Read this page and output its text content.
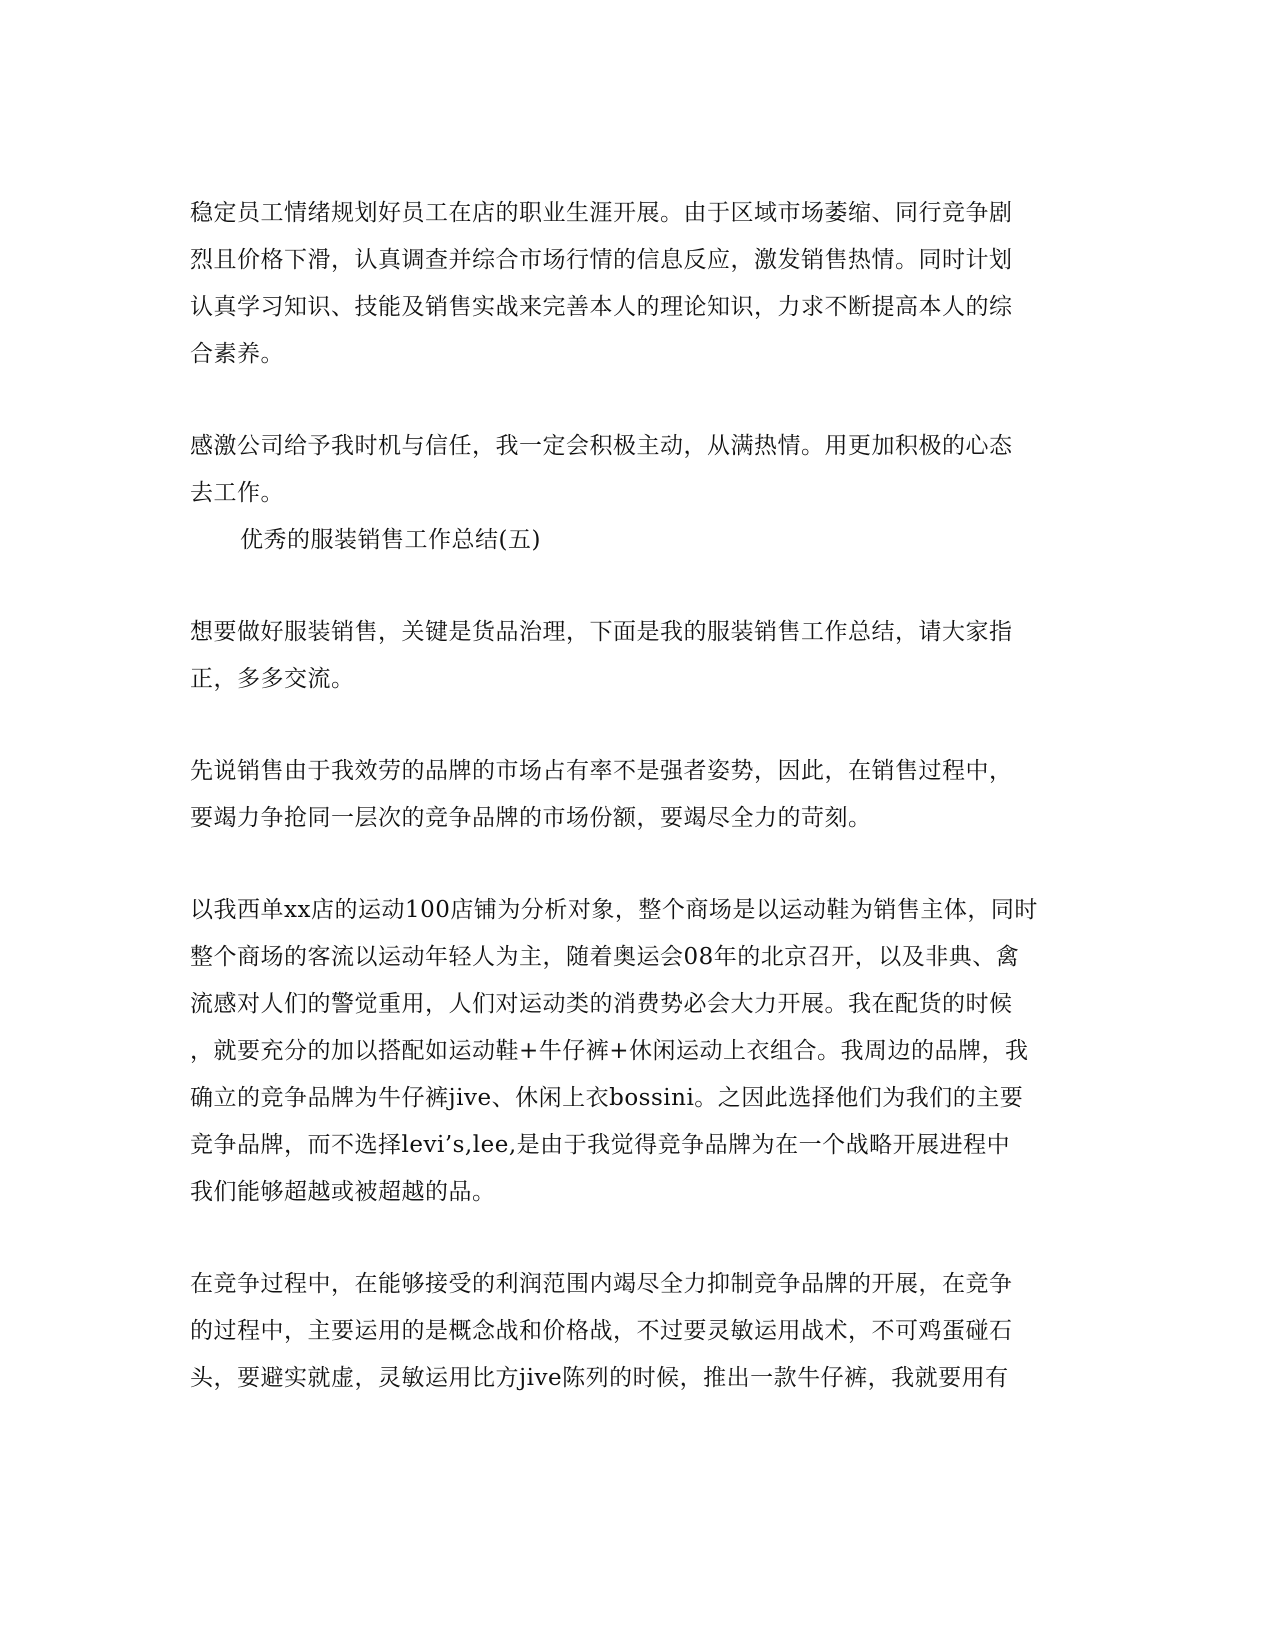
稳定员工情绪规划好员工在店的职业生涯开展。由于区域市场萎缩、同行竞争剧
烈且价格下滑，认真调查并综合市场行情的信息反应，激发销售热情。同时计划
认真学习知识、技能及销售实战来完善本人的理论知识，力求不断提高本人的综
合素养。
感激公司给予我时机与信任，我一定会积极主动，从满热情。用更加积极的心态
去工作。
优秀的服装销售工作总结(五)
想要做好服装销售，关键是货品治理，下面是我的服装销售工作总结，请大家指
正，多多交流。
先说销售由于我效劳的品牌的市场占有率不是强者姿势，因此，在销售过程中，
要竭力争抢同一层次的竞争品牌的市场份额，要竭尽全力的苛刻。
以我西单xx店的运动100店铺为分析对象，整个商场是以运动鞋为销售主体，同时
整个商场的客流以运动年轻人为主，随着奥运会08年的北京召开，以及非典、禽
流感对人们的警觉重用，人们对运动类的消费势必会大力开展。我在配货的时候
，就要充分的加以搭配如运动鞋+牛仔裤+休闲运动上衣组合。我周边的品牌，我
确立的竞争品牌为牛仔裤jive、休闲上衣bossini。之因此选择他们为我们的主要
竞争品牌，而不选择levi’s,lee,是由于我觉得竞争品牌为在一个战略开展进程中
我们能够超越或被超越的品。
在竞争过程中，在能够接受的利润范围内竭尽全力抑制竞争品牌的开展，在竞争
的过程中，主要运用的是概念战和价格战，不过要灵敏运用战术，不可鸡蛋碰石
头，要避实就虚，灵敏运用比方jive陈列的时候，推出一款牛仔裤，我就要用有
